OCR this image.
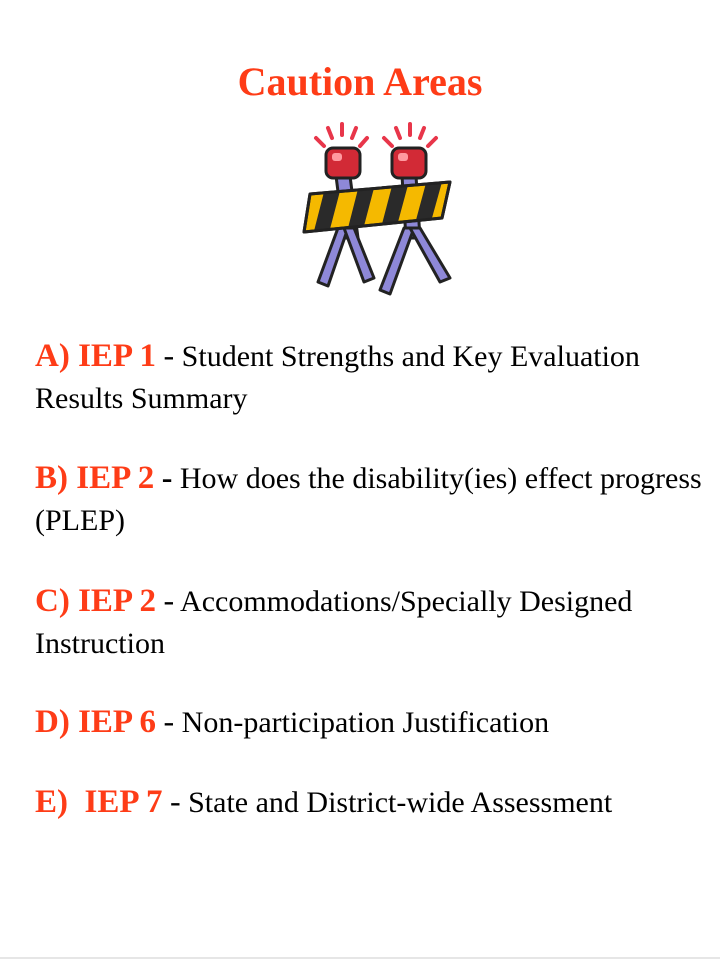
Caution Areas
A) IEP 1 - Student Strengths and Key Evaluation Results Summary
B) IEP 2 - How does the disability(ies) effect progress (PLEP)
C) IEP 2 - Accommodations/Specially Designed Instruction
D) IEP 6 - Non-participation Justification
E)  IEP 7 - State and District-wide Assessment
